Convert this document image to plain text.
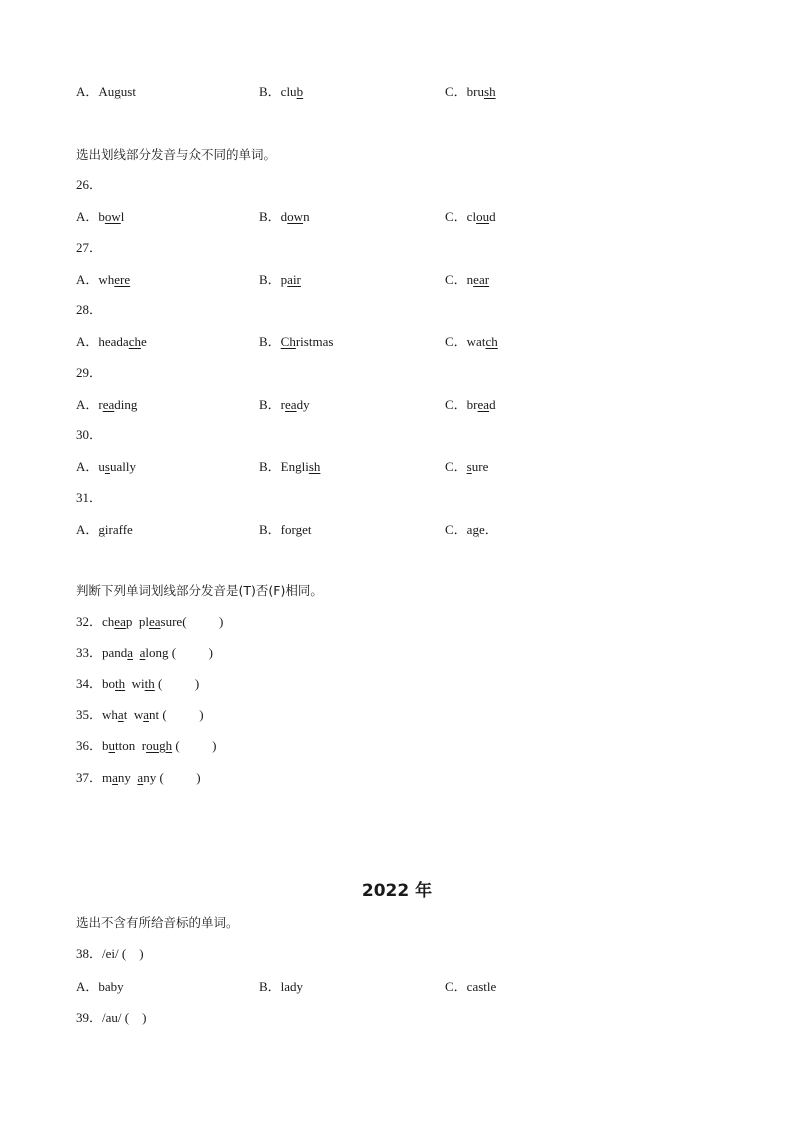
A．August	B．club	C．brush
选出划线部分发音与众不同的单词。
26．
A．bowl	B．down	C．cloud
27．
A．where	B．pair	C．near
28．
A．headache	B．Christmas	C．watch
29．
A．reading	B．ready	C．bread
30．
A．usually	B．English	C．sure
31．
A．giraffe	B．forget	C．age．
判断下列单词划线部分发音是(T)否(F)相同。
32．cheap pleasure(          )
33．panda along (          )
34．both with (          )
35．what want (          )
36．button rough (          )
37．many any (          )
2022 年
选出不含有所给音标的单词。
38．/ei/ (    )
A．baby	B．lady	C．castle
39．/au/ (    )
